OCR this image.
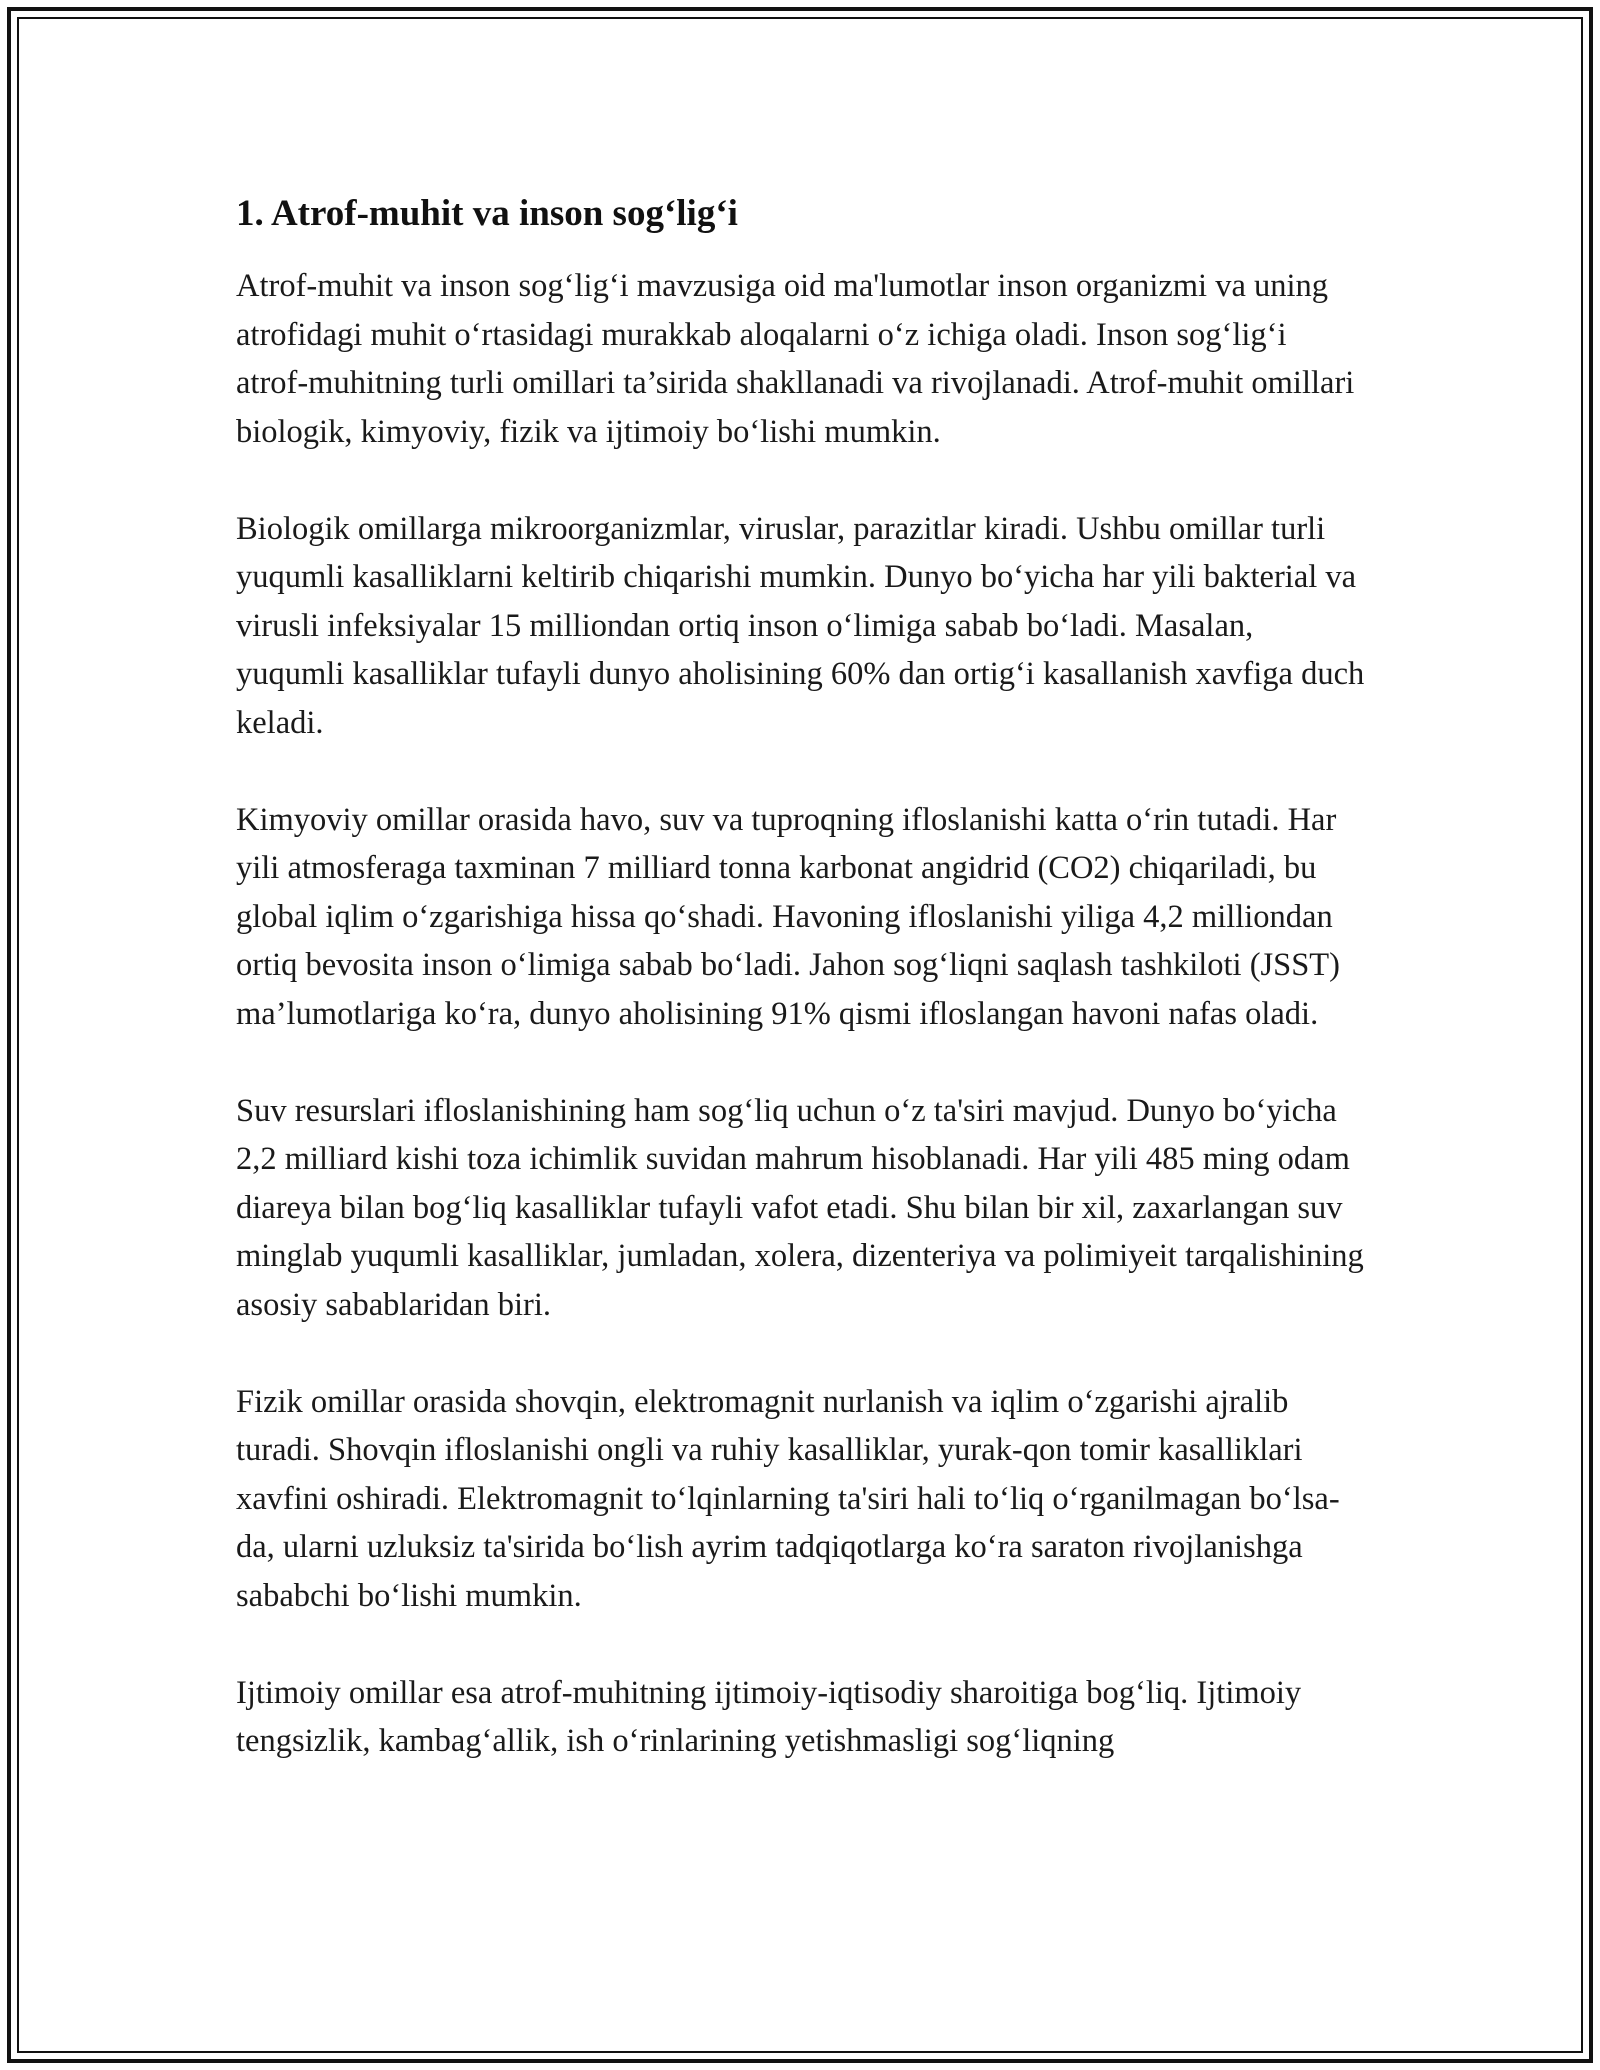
1. Atrof-muhit va inson sog‘lig‘i

Atrof-muhit va inson sog‘lig‘i mavzusiga oid ma'lumotlar inson organizmi va uning atrofidagi muhit o‘rtasidagi murakkab aloqalarni o‘z ichiga oladi. Inson sog‘lig‘i atrof-muhitning turli omillari ta’sirida shakllanadi va rivojlanadi. Atrof-muhit omillari biologik, kimyoviy, fizik va ijtimoiy bo‘lishi mumkin.

Biologik omillarga mikroorganizmlar, viruslar, parazitlar kiradi. Ushbu omillar turli yuqumli kasalliklarni keltirib chiqarishi mumkin. Dunyo bo‘yicha har yili bakterial va virusli infeksiyalar 15 milliondan ortiq inson o‘limiga sabab bo‘ladi. Masalan, yuqumli kasalliklar tufayli dunyo aholisining 60% dan ortig‘i kasallanish xavfiga duch keladi.

Kimyoviy omillar orasida havo, suv va tuproqning ifloslanishi katta o‘rin tutadi. Har yili atmosferaga taxminan 7 milliard tonna karbonat angidrid (CO2) chiqariladi, bu global iqlim o‘zgarishiga hissa qo‘shadi. Havoning ifloslanishi yiliga 4,2 milliondan ortiq bevosita inson o‘limiga sabab bo‘ladi. Jahon sog‘liqni saqlash tashkiloti (JSST) ma’lumotlariga ko‘ra, dunyo aholisining 91% qismi ifloslangan havoni nafas oladi.

Suv resurslari ifloslanishining ham sog‘liq uchun o‘z ta'siri mavjud. Dunyo bo‘yicha 2,2 milliard kishi toza ichimlik suvidan mahrum hisoblanadi. Har yili 485 ming odam diareya bilan bog‘liq kasalliklar tufayli vafot etadi. Shu bilan bir xil, zaxarlangan suv minglab yuqumli kasalliklar, jumladan, xolera, dizenteriya va polimiyeit tarqalishining asosiy sabablaridan biri.

Fizik omillar orasida shovqin, elektromagnit nurlanish va iqlim o‘zgarishi ajralib turadi. Shovqin ifloslanishi ongli va ruhiy kasalliklar, yurak-qon tomir kasalliklari xavfini oshiradi. Elektromagnit to‘lqinlarning ta'siri hali to‘liq o‘rganilmagan bo‘lsa-da, ularni uzluksiz ta'sirida bo‘lish ayrim tadqiqotlarga ko‘ra saraton rivojlanishga sababchi bo‘lishi mumkin.

Ijtimoiy omillar esa atrof-muhitning ijtimoiy-iqtisodiy sharoitiga bog‘liq. Ijtimoiy tengsizlik, kambag‘allik, ish o‘rinlarining yetishmasligi sog‘liqning
